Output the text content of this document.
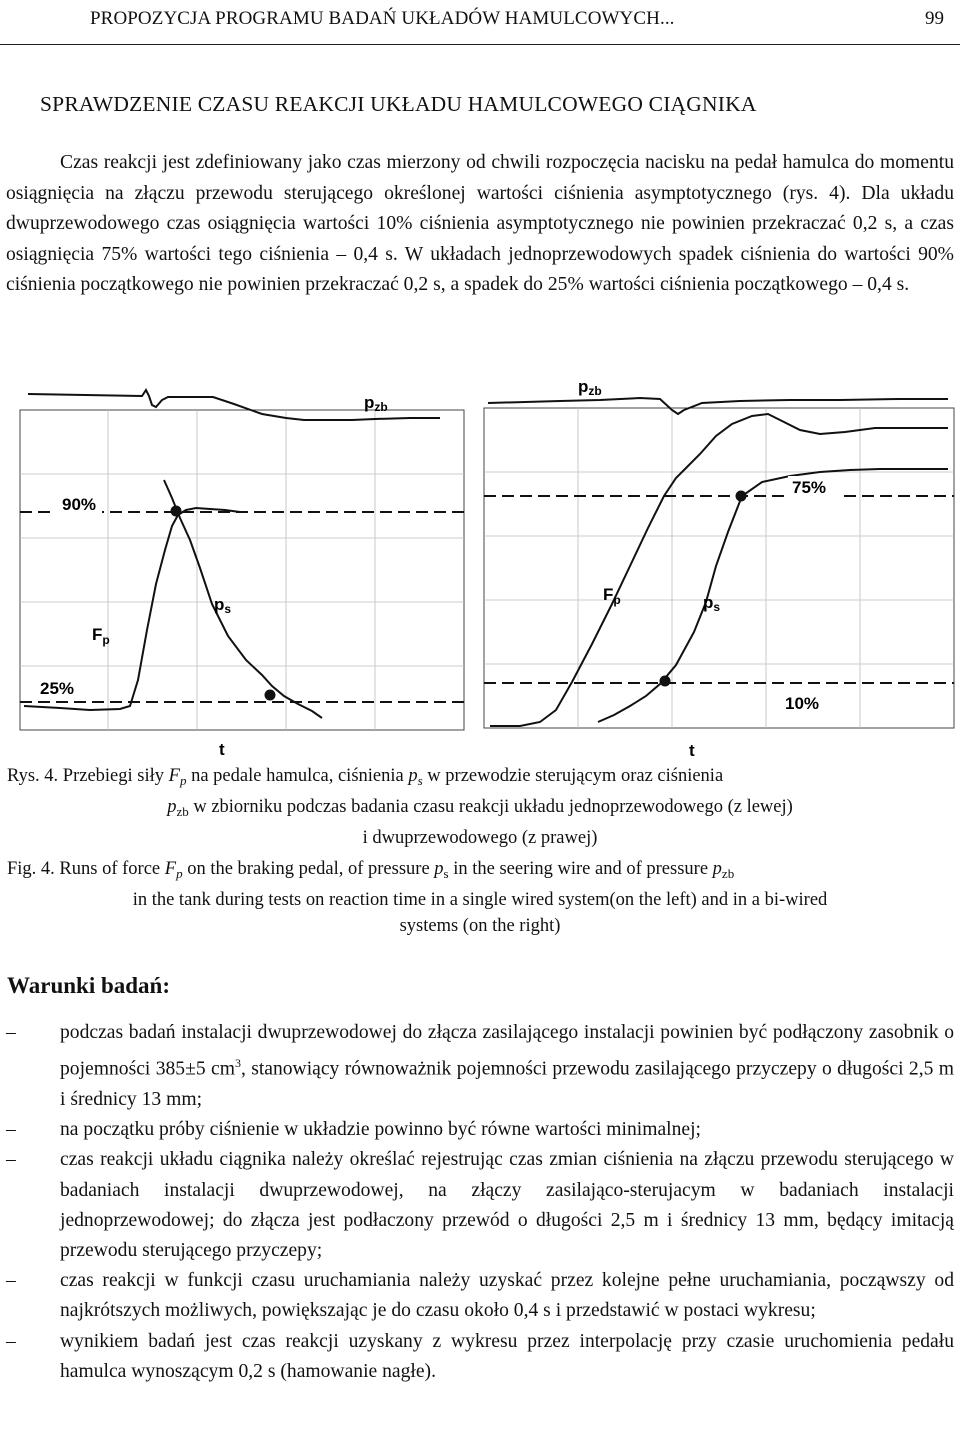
PROPOZYCJA PROGRAMU BADAŃ UKŁADÓW HAMULCOWYCH...	99
SPRAWDZENIE CZASU REAKCJI UKŁADU HAMULCOWEGO CIĄGNIKA

Czas reakcji jest zdefiniowany jako czas mierzony od chwili rozpoczęcia nacisku na pedał hamulca do momentu osiągnięcia na złączu przewodu sterującego określonej wartości ciśnienia asymptotycznego (rys. 4). Dla układu dwuprzewodowego czas osiągnięcia wartości 10% ciśnienia asymptotycznego nie powinien przekraczać 0,2 s, a czas osiągnięcia 75% wartości tego ciśnienia – 0,4 s. W układach jednoprzewodowych spadek ciśnienia do wartości 90% ciśnienia początkowego nie powinien przekraczać 0,2 s, a spadek do 25% wartości ciśnienia początkowego – 0,4 s.

90%
25%
pzb
$F_p$
ps
t
75%
10%
pzb
$F_p$	ps
t
Rys. 4. Przebiegi siły $F_p$ na pedale hamulca, ciśnienia $p_s$ w przewodzie sterującym oraz ciśnienia
$p_{zb}$ w zbiorniku podczas badania czasu reakcji układu jednoprzewodowego (z lewej)
i dwuprzewodowego (z prawej)
Fig. 4. Runs of force $F_p$ on the braking pedal, of pressure $p_s$ in the seering wire and of pressure $p_{zb}$
in the tank during tests on reaction time in a single wired system(on the left) and in a bi-wired
systems (on the right)
Warunki badań:
– podczas badań instalacji dwuprzewodowej do złącza zasilającego instalacji powinien być podłączony zasobnik o pojemności 385±5 $cm^3$, stanowiący równoważnik pojemności przewodu zasilającego przyczepy o długości 2,5 m i średnicy 13 mm;
– na początku próby ciśnienie w układzie powinno być równe wartości minimalnej;
– czas reakcji układu ciągnika należy określać rejestrując czas zmian ciśnienia na złączu przewodu sterującego w badaniach instalacji dwuprzewodowej, na złączy zasilająco-sterujacym w badaniach instalacji jednoprzewodowej; do złącza jest podłaczony przewód o długości 2,5 m i średnicy 13 mm, będący imitacją przewodu sterującego przyczepy;
– czas reakcji w funkcji czasu uruchamiania należy uzyskać przez kolejne pełne uruchamiania, począwszy od najkrótszych możliwych, powiększając je do czasu około 0,4 s i przedstawić w postaci wykresu;
– wynikiem badań jest czas reakcji uzyskany z wykresu przez interpolację przy czasie uruchomienia pedału hamulca wynoszącym 0,2 s (hamowanie nagłe).
